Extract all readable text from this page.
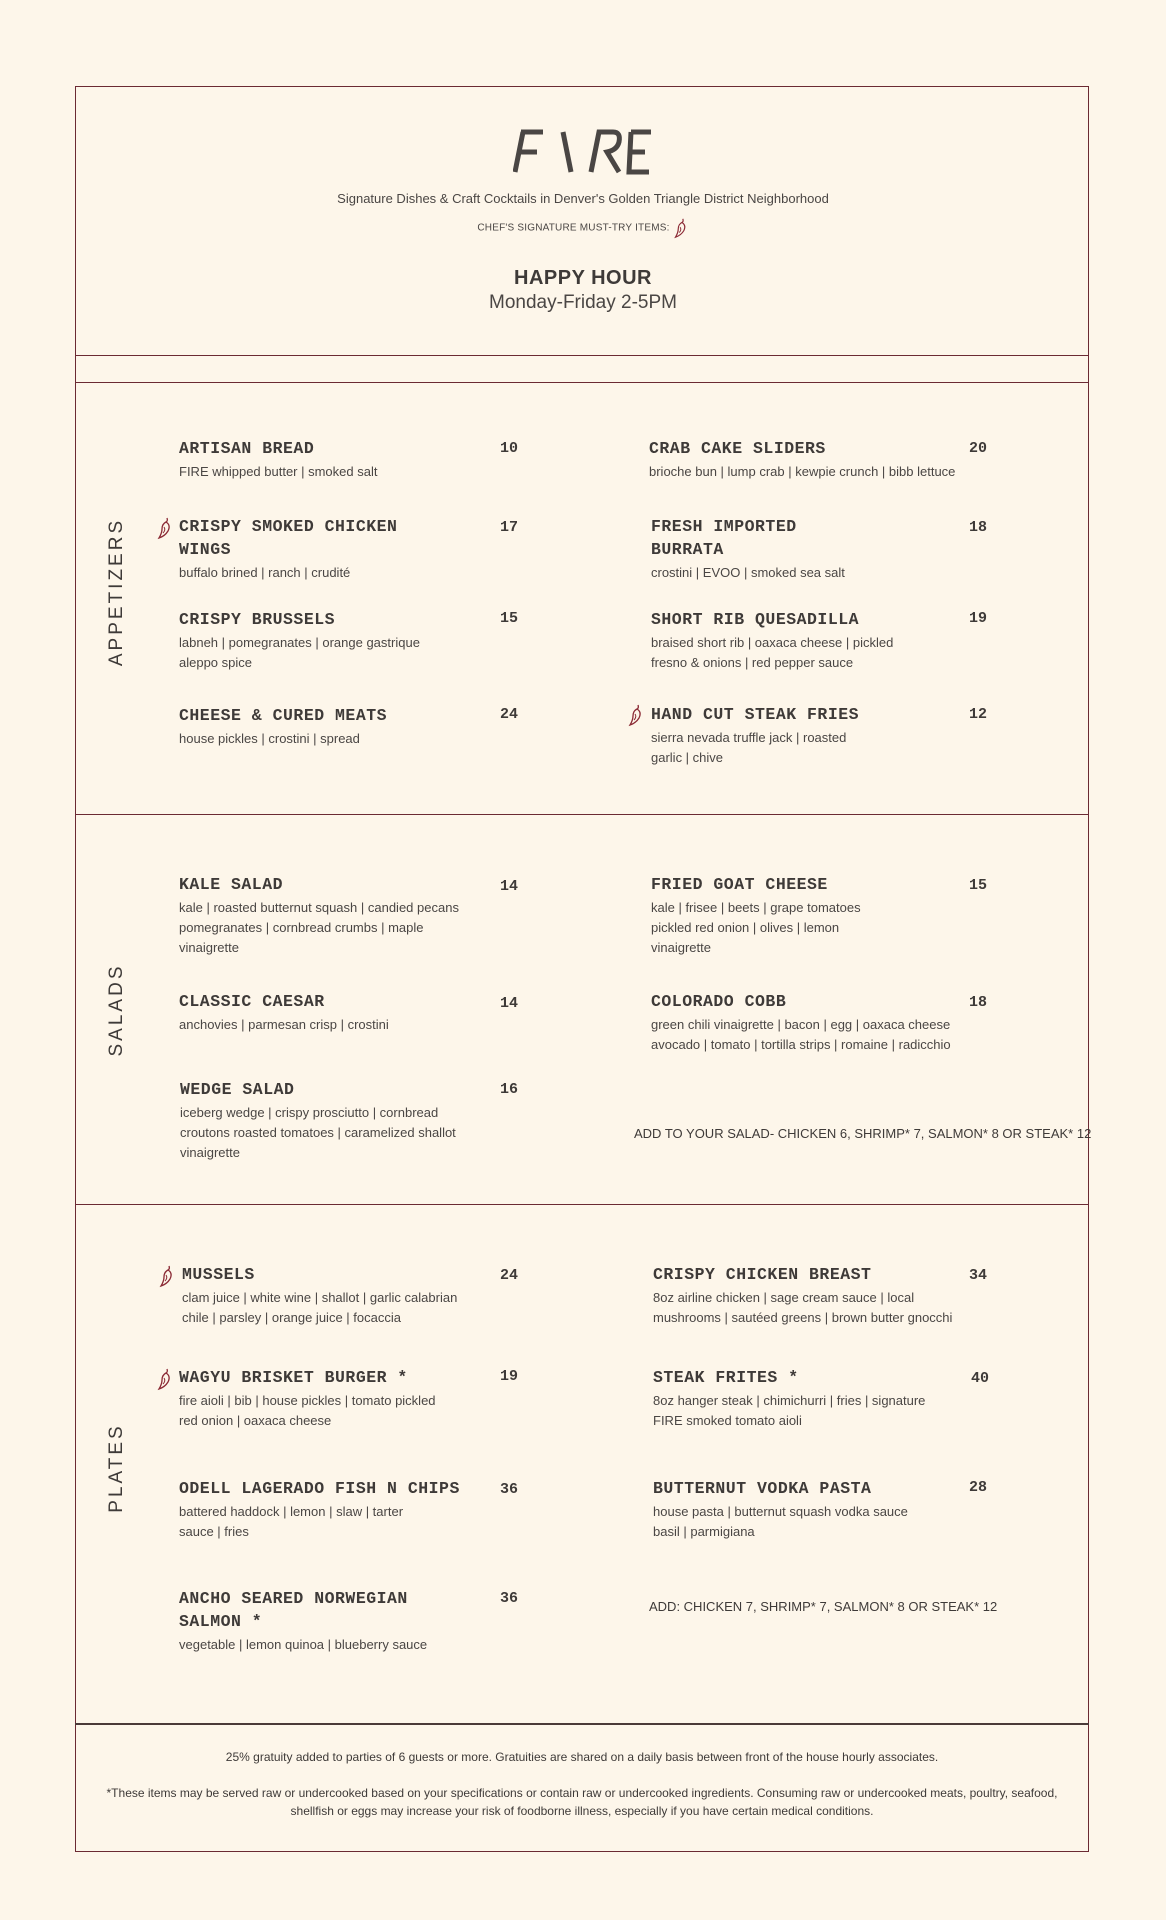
Signature Dishes & Craft Cocktails in Denver's Golden Triangle District Neighborhood
CHEF'S SIGNATURE MUST-TRY ITEMS:
HAPPY HOUR
Monday-Friday 2-5PM
APPETIZERS
SALADS
PLATES
ARTISAN BREAD
FIRE whipped butter | smoked salt
10
CRISPY SMOKED CHICKEN WINGS
buffalo brined | ranch | crudité
17
CRISPY BRUSSELS
labneh | pomegranates | orange gastrique aleppo spice
15
CHEESE & CURED MEATS
house pickles | crostini | spread
24
CRAB CAKE SLIDERS
brioche bun | lump crab | kewpie crunch | bibb lettuce
20
FRESH IMPORTED BURRATA
crostini | EVOO | smoked sea salt
18
SHORT RIB QUESADILLA
braised short rib | oaxaca cheese | pickled fresno & onions | red pepper sauce
19
HAND CUT STEAK FRIES
sierra nevada truffle jack | roasted garlic | chive
12
KALE SALAD
kale | roasted butternut squash | candied pecans pomegranates | cornbread crumbs | maple vinaigrette
14
CLASSIC CAESAR
anchovies | parmesan crisp | crostini
14
WEDGE SALAD
iceberg wedge | crispy prosciutto | cornbread croutons roasted tomatoes | caramelized shallot vinaigrette
16
FRIED GOAT CHEESE
kale | frisee | beets | grape tomatoes pickled red onion | olives | lemon vinaigrette
15
COLORADO COBB
green chili vinaigrette | bacon | egg | oaxaca cheese avocado | tomato | tortilla strips | romaine | radicchio
18
ADD TO YOUR SALAD- CHICKEN 6, SHRIMP* 7, SALMON* 8 OR STEAK* 12
MUSSELS
clam juice | white wine | shallot | garlic calabrian chile | parsley | orange juice | focaccia
24
WAGYU BRISKET BURGER *
fire aioli | bib | house pickles | tomato pickled red onion | oaxaca cheese
19
ODELL LAGERADO FISH N CHIPS
battered haddock | lemon | slaw | tarter sauce | fries
36
ANCHO SEARED NORWEGIAN SALMON *
vegetable | lemon quinoa | blueberry sauce
36
CRISPY CHICKEN BREAST
8oz airline chicken | sage cream sauce | local mushrooms | sautéed greens | brown butter gnocchi
34
STEAK FRITES *
8oz hanger steak | chimichurri | fries | signature FIRE smoked tomato aioli
40
BUTTERNUT VODKA PASTA
house pasta | butternut squash vodka sauce basil | parmigiana
28
ADD: CHICKEN 7, SHRIMP* 7, SALMON* 8 OR STEAK* 12
25% gratuity added to parties of 6 guests or more. Gratuities are shared on a daily basis between front of the house hourly associates.
*These items may be served raw or undercooked based on your specifications or contain raw or undercooked ingredients. Consuming raw or undercooked meats, poultry, seafood, shellfish or eggs may increase your risk of foodborne illness, especially if you have certain medical conditions.
